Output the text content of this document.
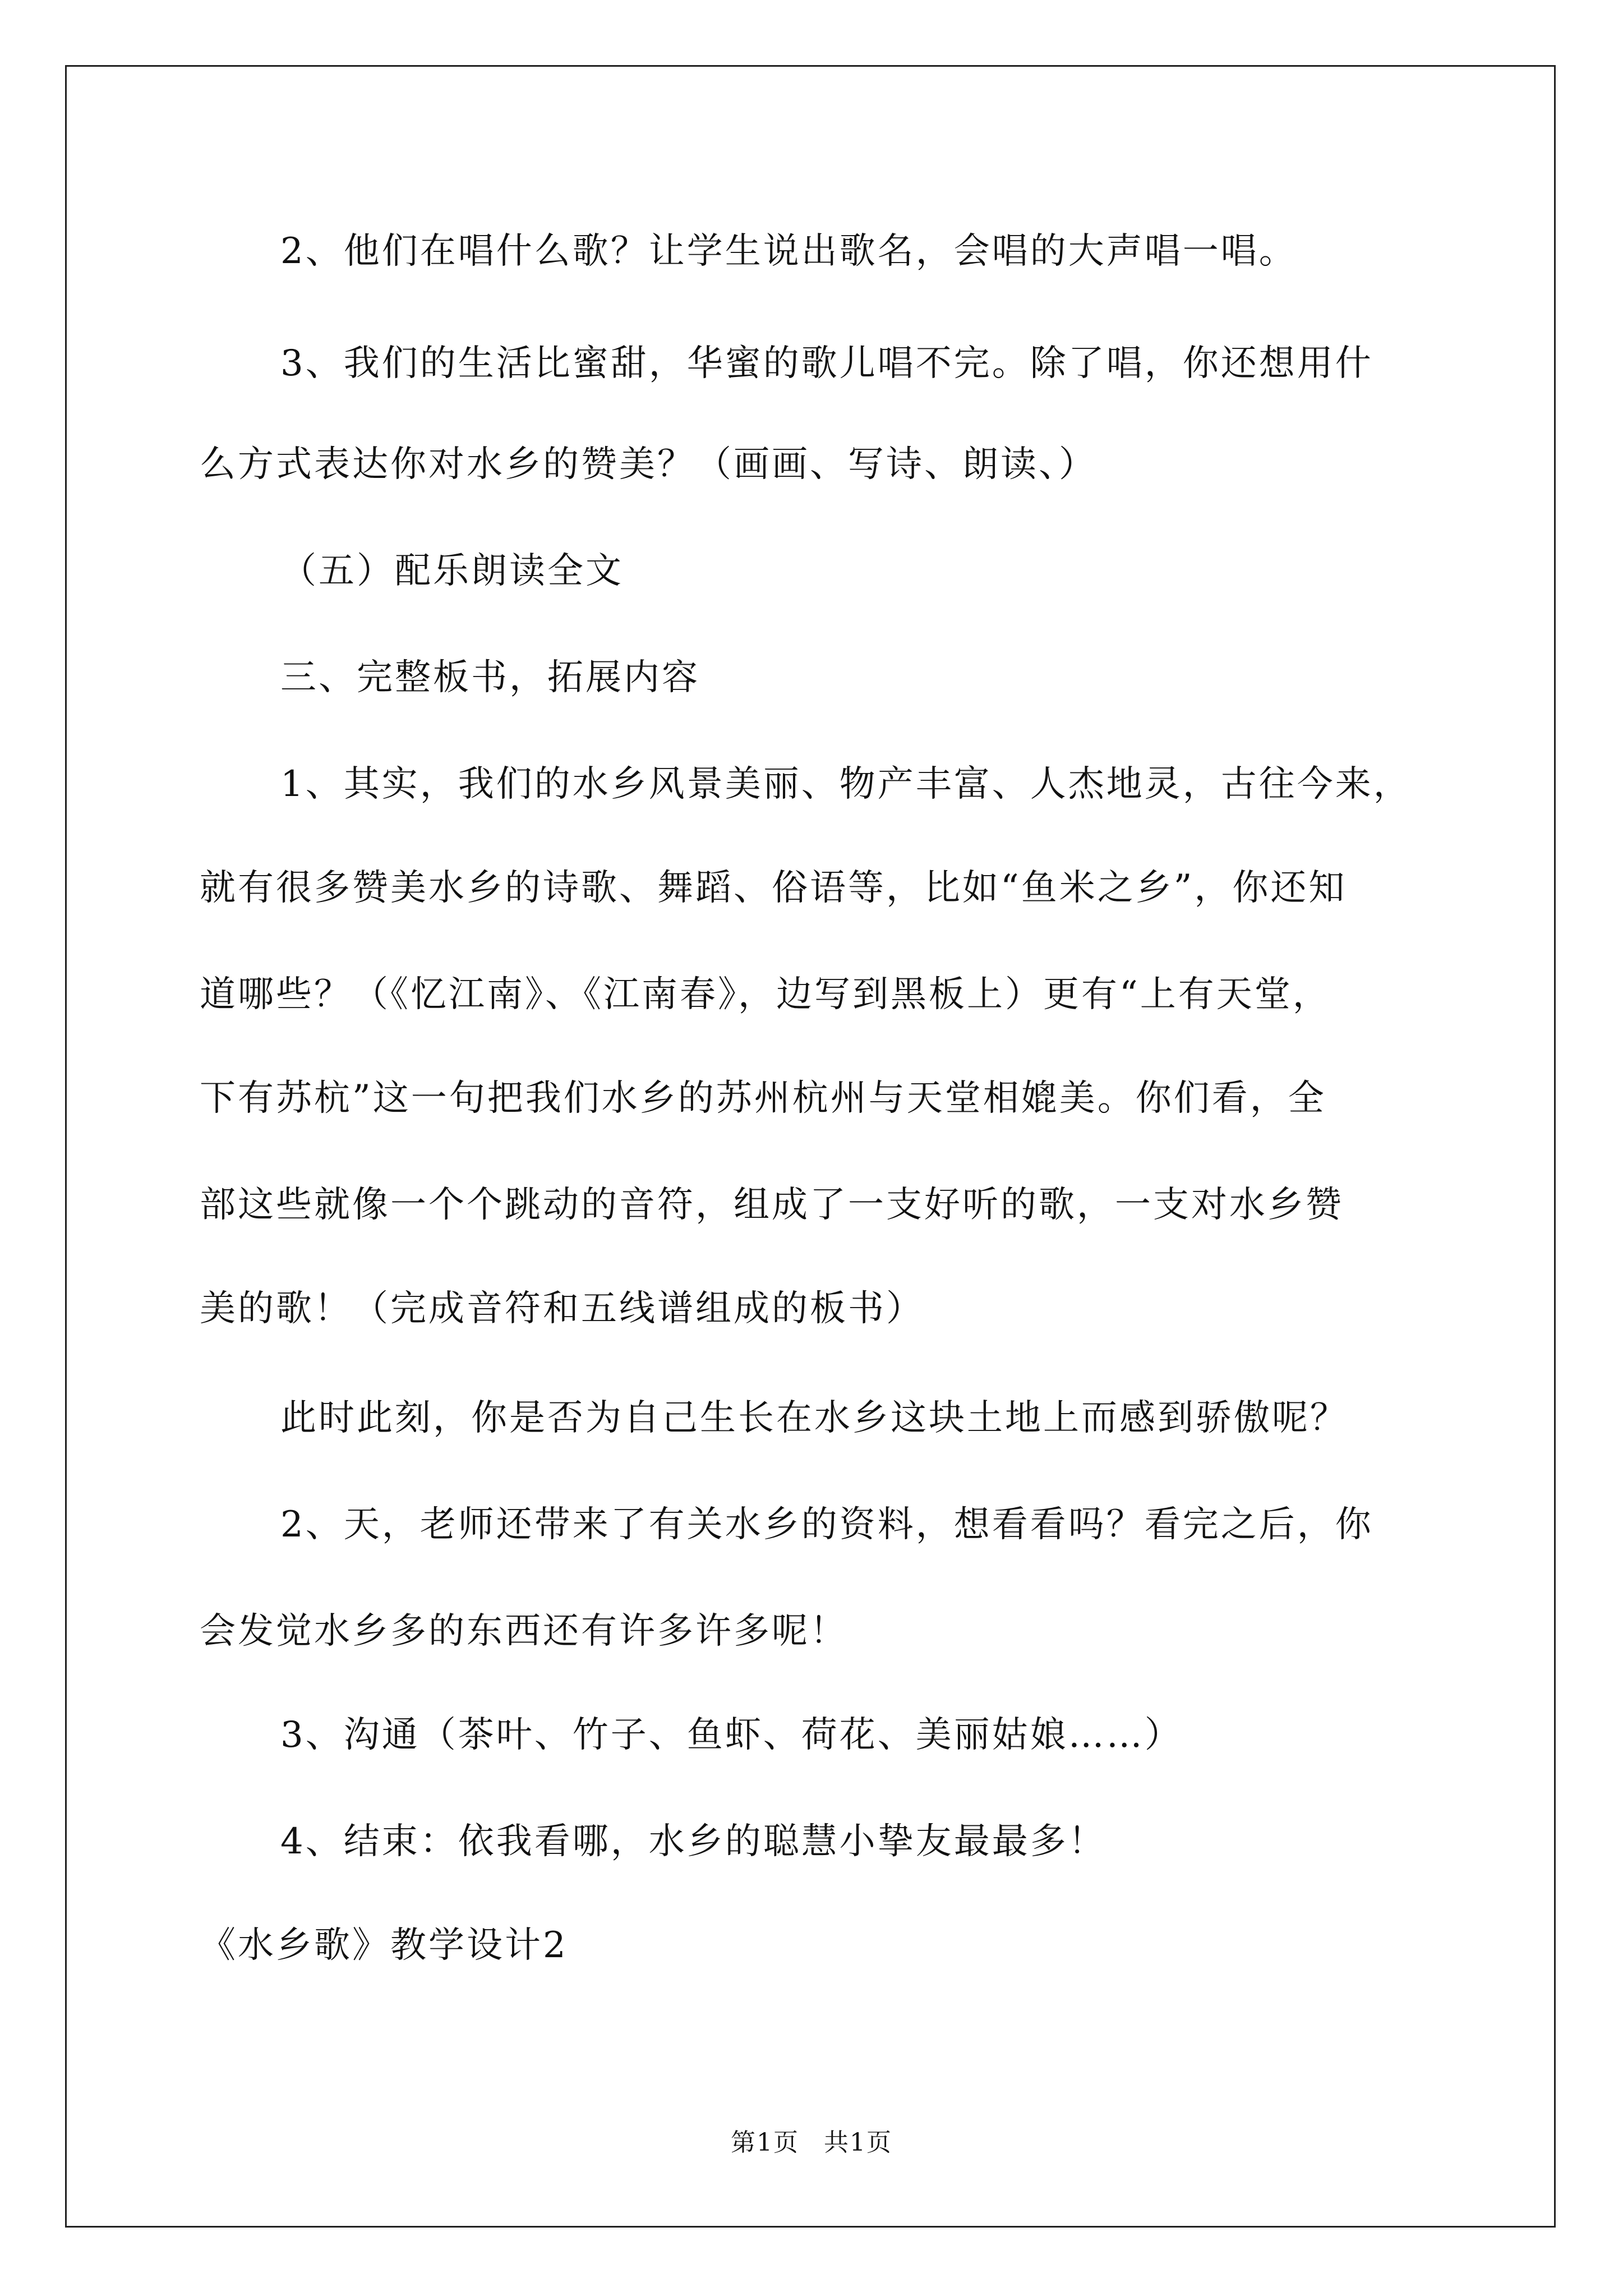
2、他们在唱什么歌？让学生说出歌名，会唱的大声唱一唱。
3、我们的生活比蜜甜，华蜜的歌儿唱不完。除了唱，你还想用什
么方式表达你对水乡的赞美？（画画、写诗、朗读、）
（五）配乐朗读全文
三、完整板书，拓展内容
1、其实，我们的水乡风景美丽、物产丰富、人杰地灵，古往今来，
就有很多赞美水乡的诗歌、舞蹈、俗语等，比如“鱼米之乡”，你还知
道哪些？（《忆江南》、《江南春》，边写到黑板上）更有“上有天堂，
下有苏杭”这一句把我们水乡的苏州杭州与天堂相媲美。你们看，全
部这些就像一个个跳动的音符，组成了一支好听的歌，一支对水乡赞
美的歌！（完成音符和五线谱组成的板书）
此时此刻，你是否为自己生长在水乡这块土地上而感到骄傲呢？
2、天，老师还带来了有关水乡的资料，想看看吗？看完之后，你
会发觉水乡多的东西还有许多许多呢！
3、沟通（茶叶、竹子、鱼虾、荷花、美丽姑娘……）
4、结束：依我看哪，水乡的聪慧小挚友最最多！
《水乡歌》教学设计2
第1页 共1页
